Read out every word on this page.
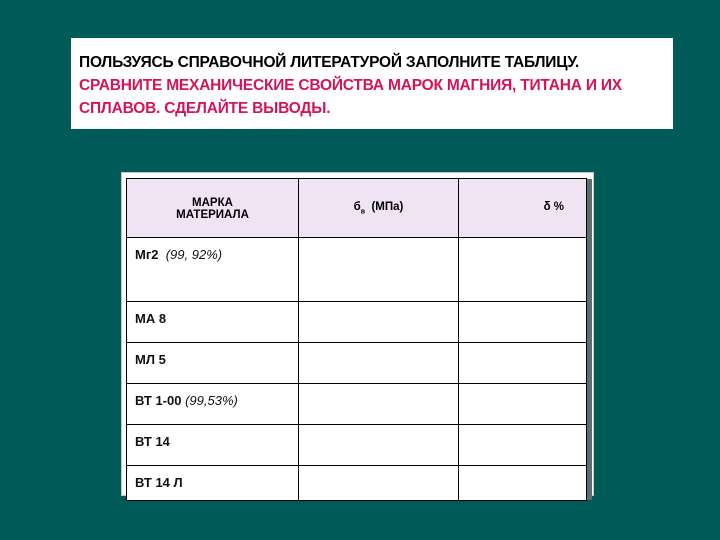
ПОЛЬЗУЯСЬ СПРАВОЧНОЙ ЛИТЕРАТУРОЙ ЗАПОЛНИТЕ ТАБЛИЦУ. СРАВНИТЕ МЕХАНИЧЕСКИЕ СВОЙСТВА МАРОК МАГНИЯ, ТИТАНА И ИХ СПЛАВОВ. СДЕЛАЙТЕ ВЫВОДЫ.
МАРКА
МАТЕРИАЛА	$б_в$ (МПа)	δ %
Мг2 (99, 92%)		
МА 8		
МЛ 5		
ВТ 1-00 (99,53%)		
ВТ 14		
ВТ 14 Л		
